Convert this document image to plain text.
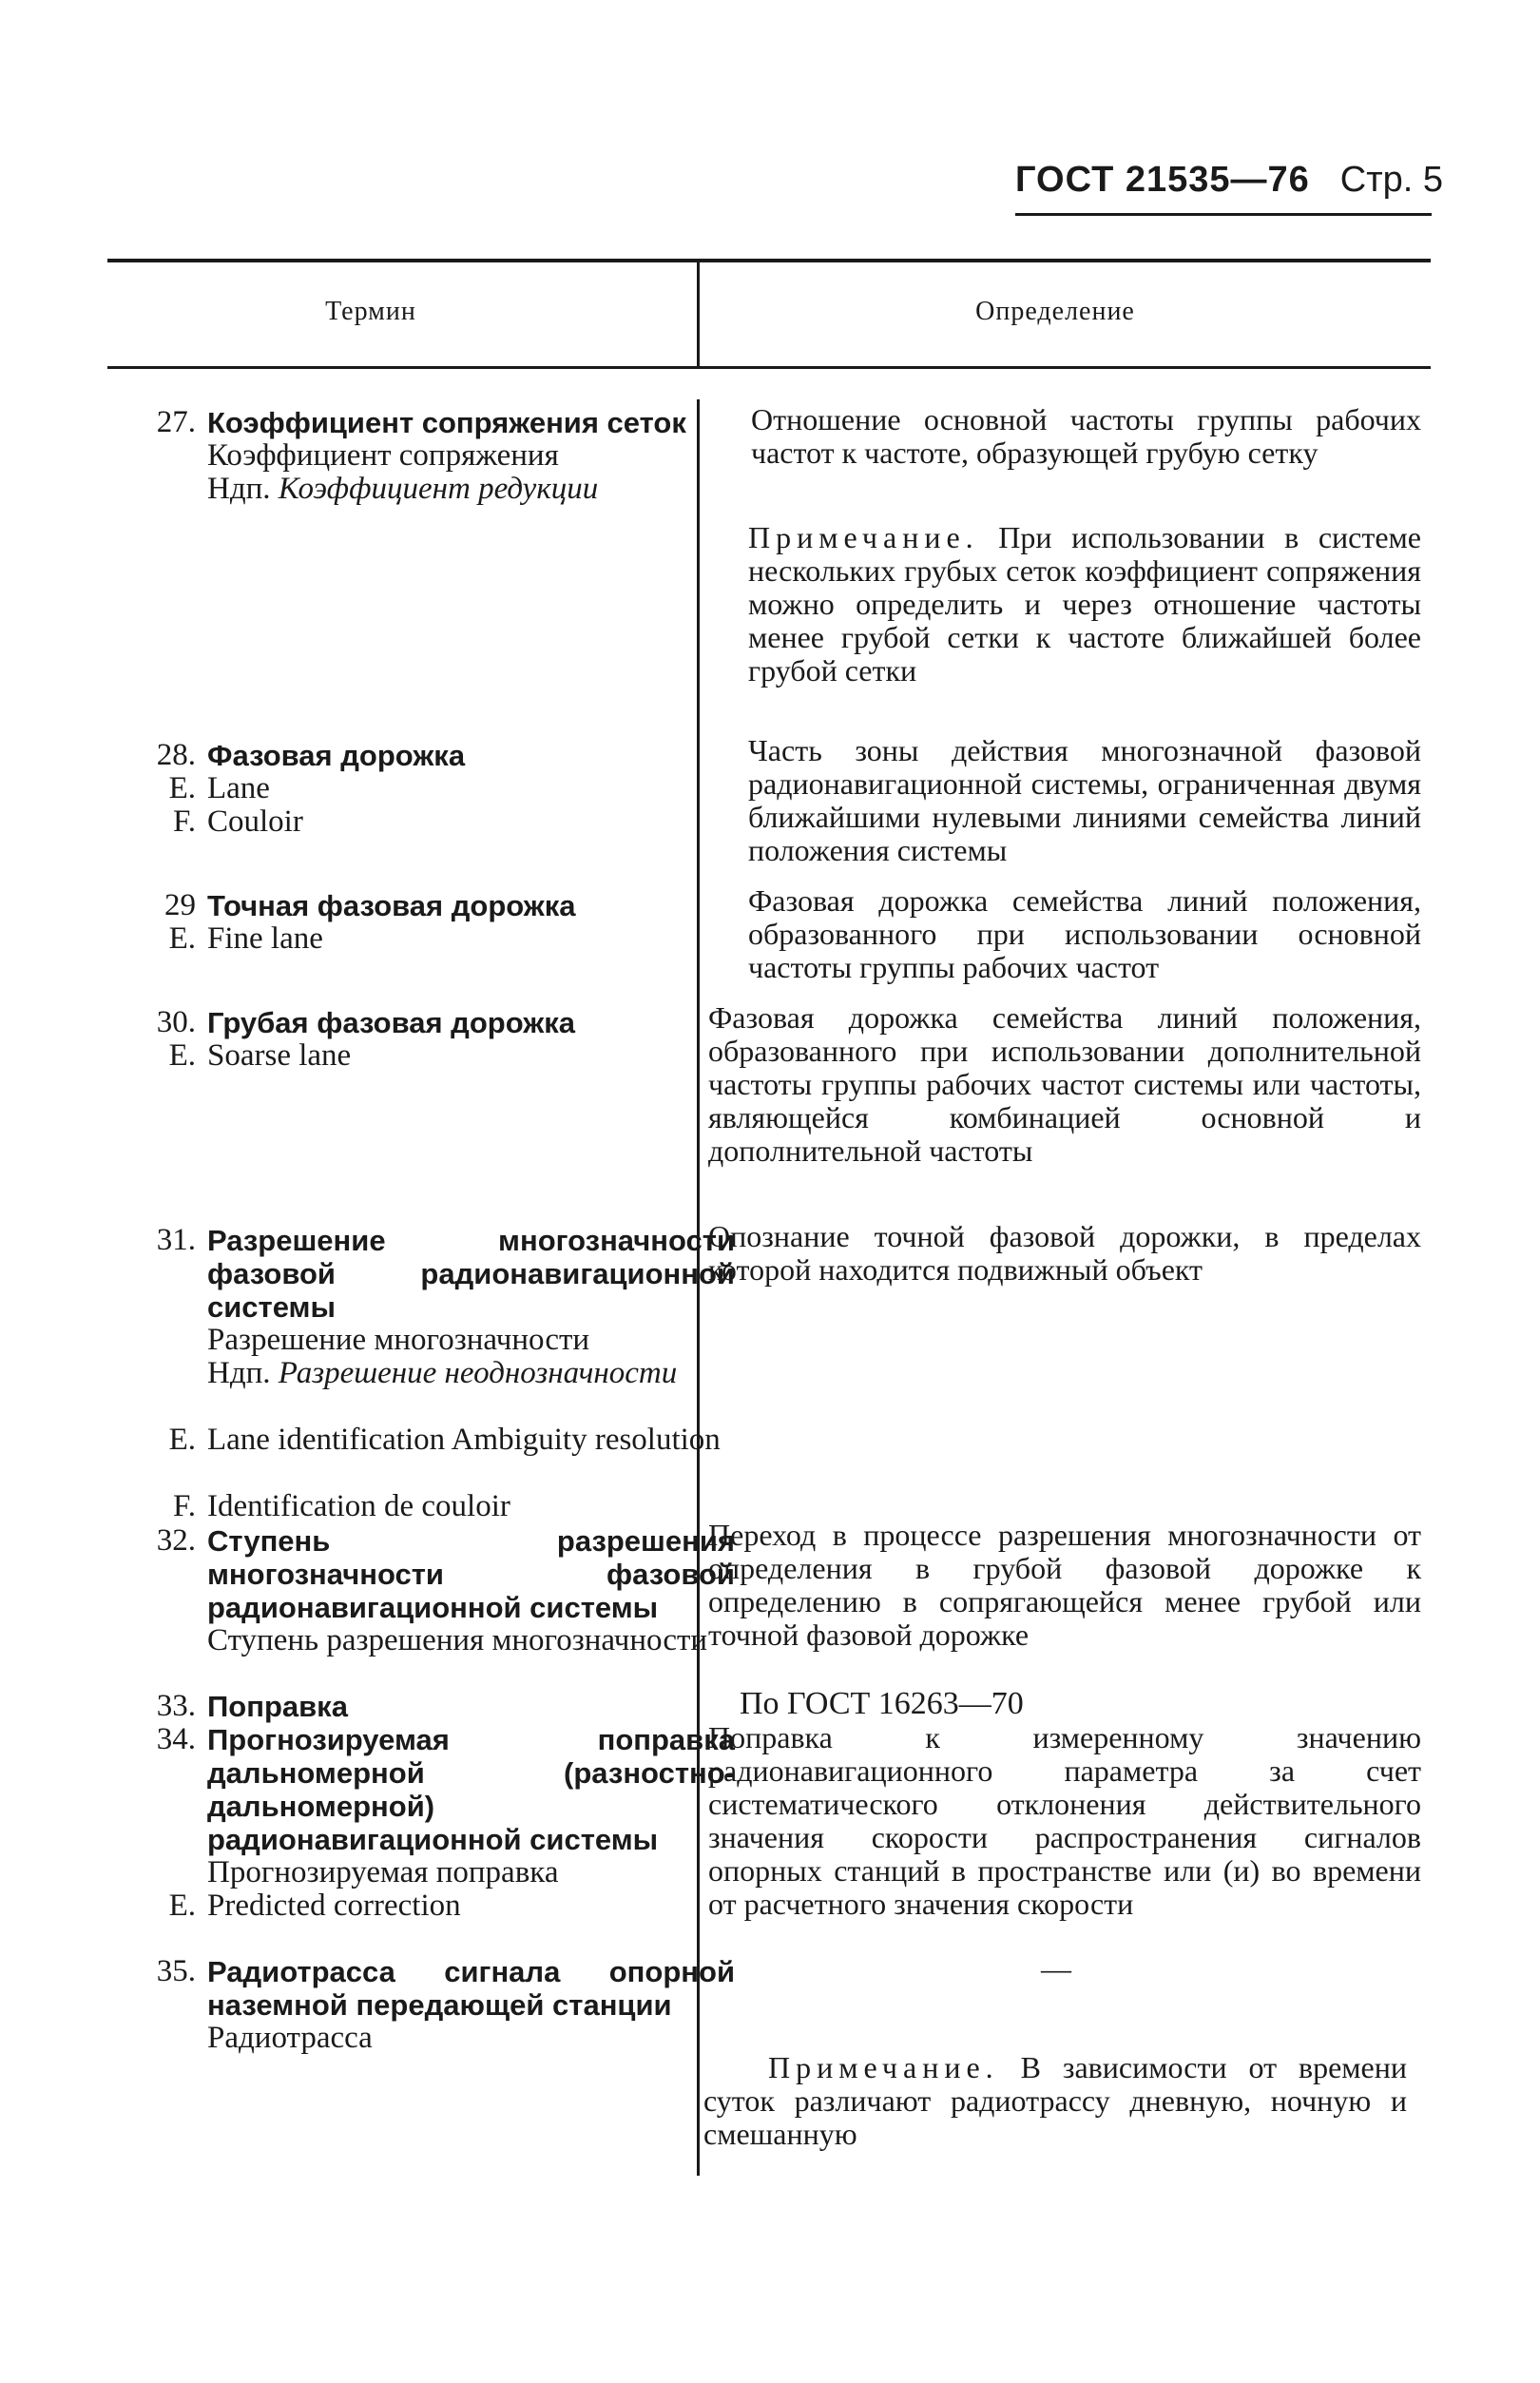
ГОСТ 21535—76 Стр. 5
Термин	Определение
27. Коэффициент сопряжения сеток
Коэффициент сопряжения
Ндп. Коэффициент редукции
Отношение основной частоты группы рабочих частот к частоте, образующей грубую сетку
Примечание. При использовании в системе нескольких грубых сеток коэффициент сопряжения можно определить и через отношение частоты менее грубой сетки к частоте ближайшей более грубой сетки
28. Фазовая дорожка
E. Lane
F. Couloir
Часть зоны действия многозначной фазовой радионавигационной системы, ограниченная двумя ближайшими нулевыми линиями семейства линий положения системы
29 Точная фазовая дорожка
E. Fine lane
Фазовая дорожка семейства линий положения, образованного при использовании основной частоты группы рабочих частот
30. Грубая фазовая дорожка
E. Soarse lane
Фазовая дорожка семейства линий положения, образованного при использовании дополнительной частоты группы рабочих частот системы или частоты, являющейся комбинацией основной и дополнительной частоты
31. Разрешение многозначности фазовой радионавигационной системы
Разрешение многозначности
Ндп. Разрешение неоднозначности
E. Lane identification Ambiguity resolution
F. Identification de couloir
Опознание точной фазовой дорожки, в пределах которой находится подвижный объект
32. Ступень разрешения многозначности фазовой радионавигационной системы
Ступень разрешения многозначности
Переход в процессе разрешения многозначности от определения в грубой фазовой дорожке к определению в сопрягающейся менее грубой или точной фазовой дорожке
33. Поправка	По ГОСТ 16263—70
34. Прогнозируемая поправка дальномерной (разностно-дальномерной) радионавигационной системы
Прогнозируемая поправка
E. Predicted correction
Поправка к измеренному значению радионавигационного параметра за счет систематического отклонения действительного значения скорости распространения сигналов опорных станций в пространстве или (и) во времени от расчетного значения скорости
35. Радиотрасса сигнала опорной наземной передающей станции
Радиотрасса
—
Примечание. В зависимости от времени суток различают радиотрассу дневную, ночную и смешанную
